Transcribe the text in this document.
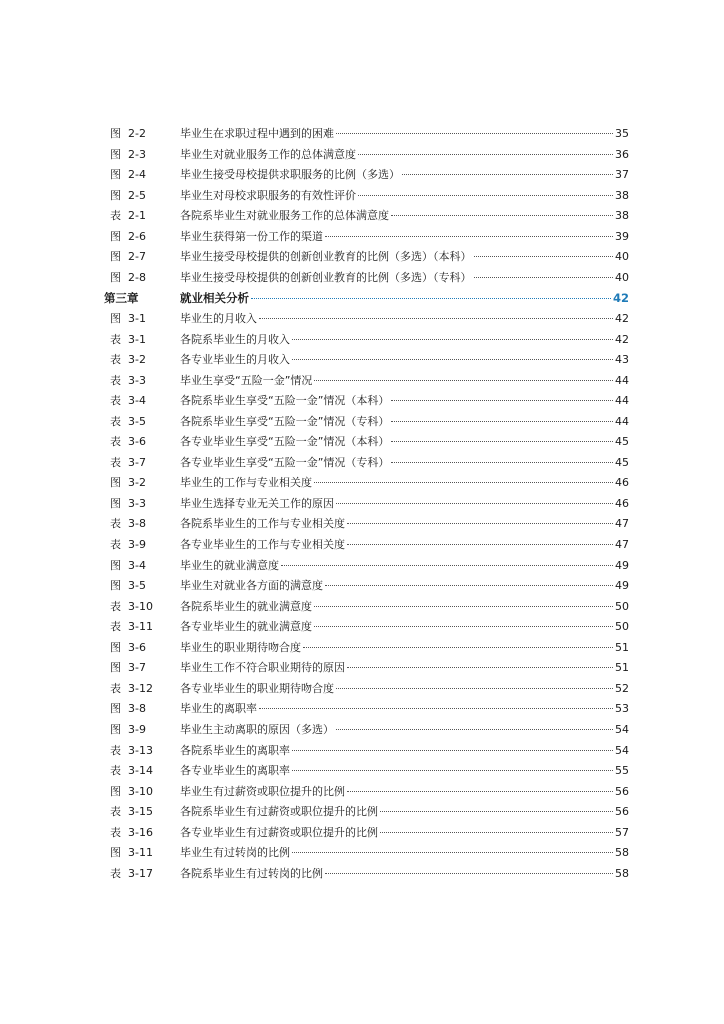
图 2-2	毕业生在求职过程中遇到的困难	35
图 2-3	毕业生对就业服务工作的总体满意度	36
图 2-4	毕业生接受母校提供求职服务的比例（多选）	37
图 2-5	毕业生对母校求职服务的有效性评价	38
表 2-1	各院系毕业生对就业服务工作的总体满意度	38
图 2-6	毕业生获得第一份工作的渠道	39
图 2-7	毕业生接受母校提供的创新创业教育的比例（多选）（本科）	40
图 2-8	毕业生接受母校提供的创新创业教育的比例（多选）（专科）	40
第三章	就业相关分析	42
图 3-1	毕业生的月收入	42
表 3-1	各院系毕业生的月收入	42
表 3-2	各专业毕业生的月收入	43
表 3-3	毕业生享受“五险一金”情况	44
表 3-4	各院系毕业生享受“五险一金”情况（本科）	44
表 3-5	各院系毕业生享受“五险一金”情况（专科）	44
表 3-6	各专业毕业生享受“五险一金”情况（本科）	45
表 3-7	各专业毕业生享受“五险一金”情况（专科）	45
图 3-2	毕业生的工作与专业相关度	46
图 3-3	毕业生选择专业无关工作的原因	46
表 3-8	各院系毕业生的工作与专业相关度	47
表 3-9	各专业毕业生的工作与专业相关度	47
图 3-4	毕业生的就业满意度	49
图 3-5	毕业生对就业各方面的满意度	49
表 3-10	各院系毕业生的就业满意度	50
表 3-11	各专业毕业生的就业满意度	50
图 3-6	毕业生的职业期待吻合度	51
图 3-7	毕业生工作不符合职业期待的原因	51
表 3-12	各专业毕业生的职业期待吻合度	52
图 3-8	毕业生的离职率	53
图 3-9	毕业生主动离职的原因（多选）	54
表 3-13	各院系毕业生的离职率	54
表 3-14	各专业毕业生的离职率	55
图 3-10	毕业生有过薪资或职位提升的比例	56
表 3-15	各院系毕业生有过薪资或职位提升的比例	56
表 3-16	各专业毕业生有过薪资或职位提升的比例	57
图 3-11	毕业生有过转岗的比例	58
表 3-17	各院系毕业生有过转岗的比例	58
